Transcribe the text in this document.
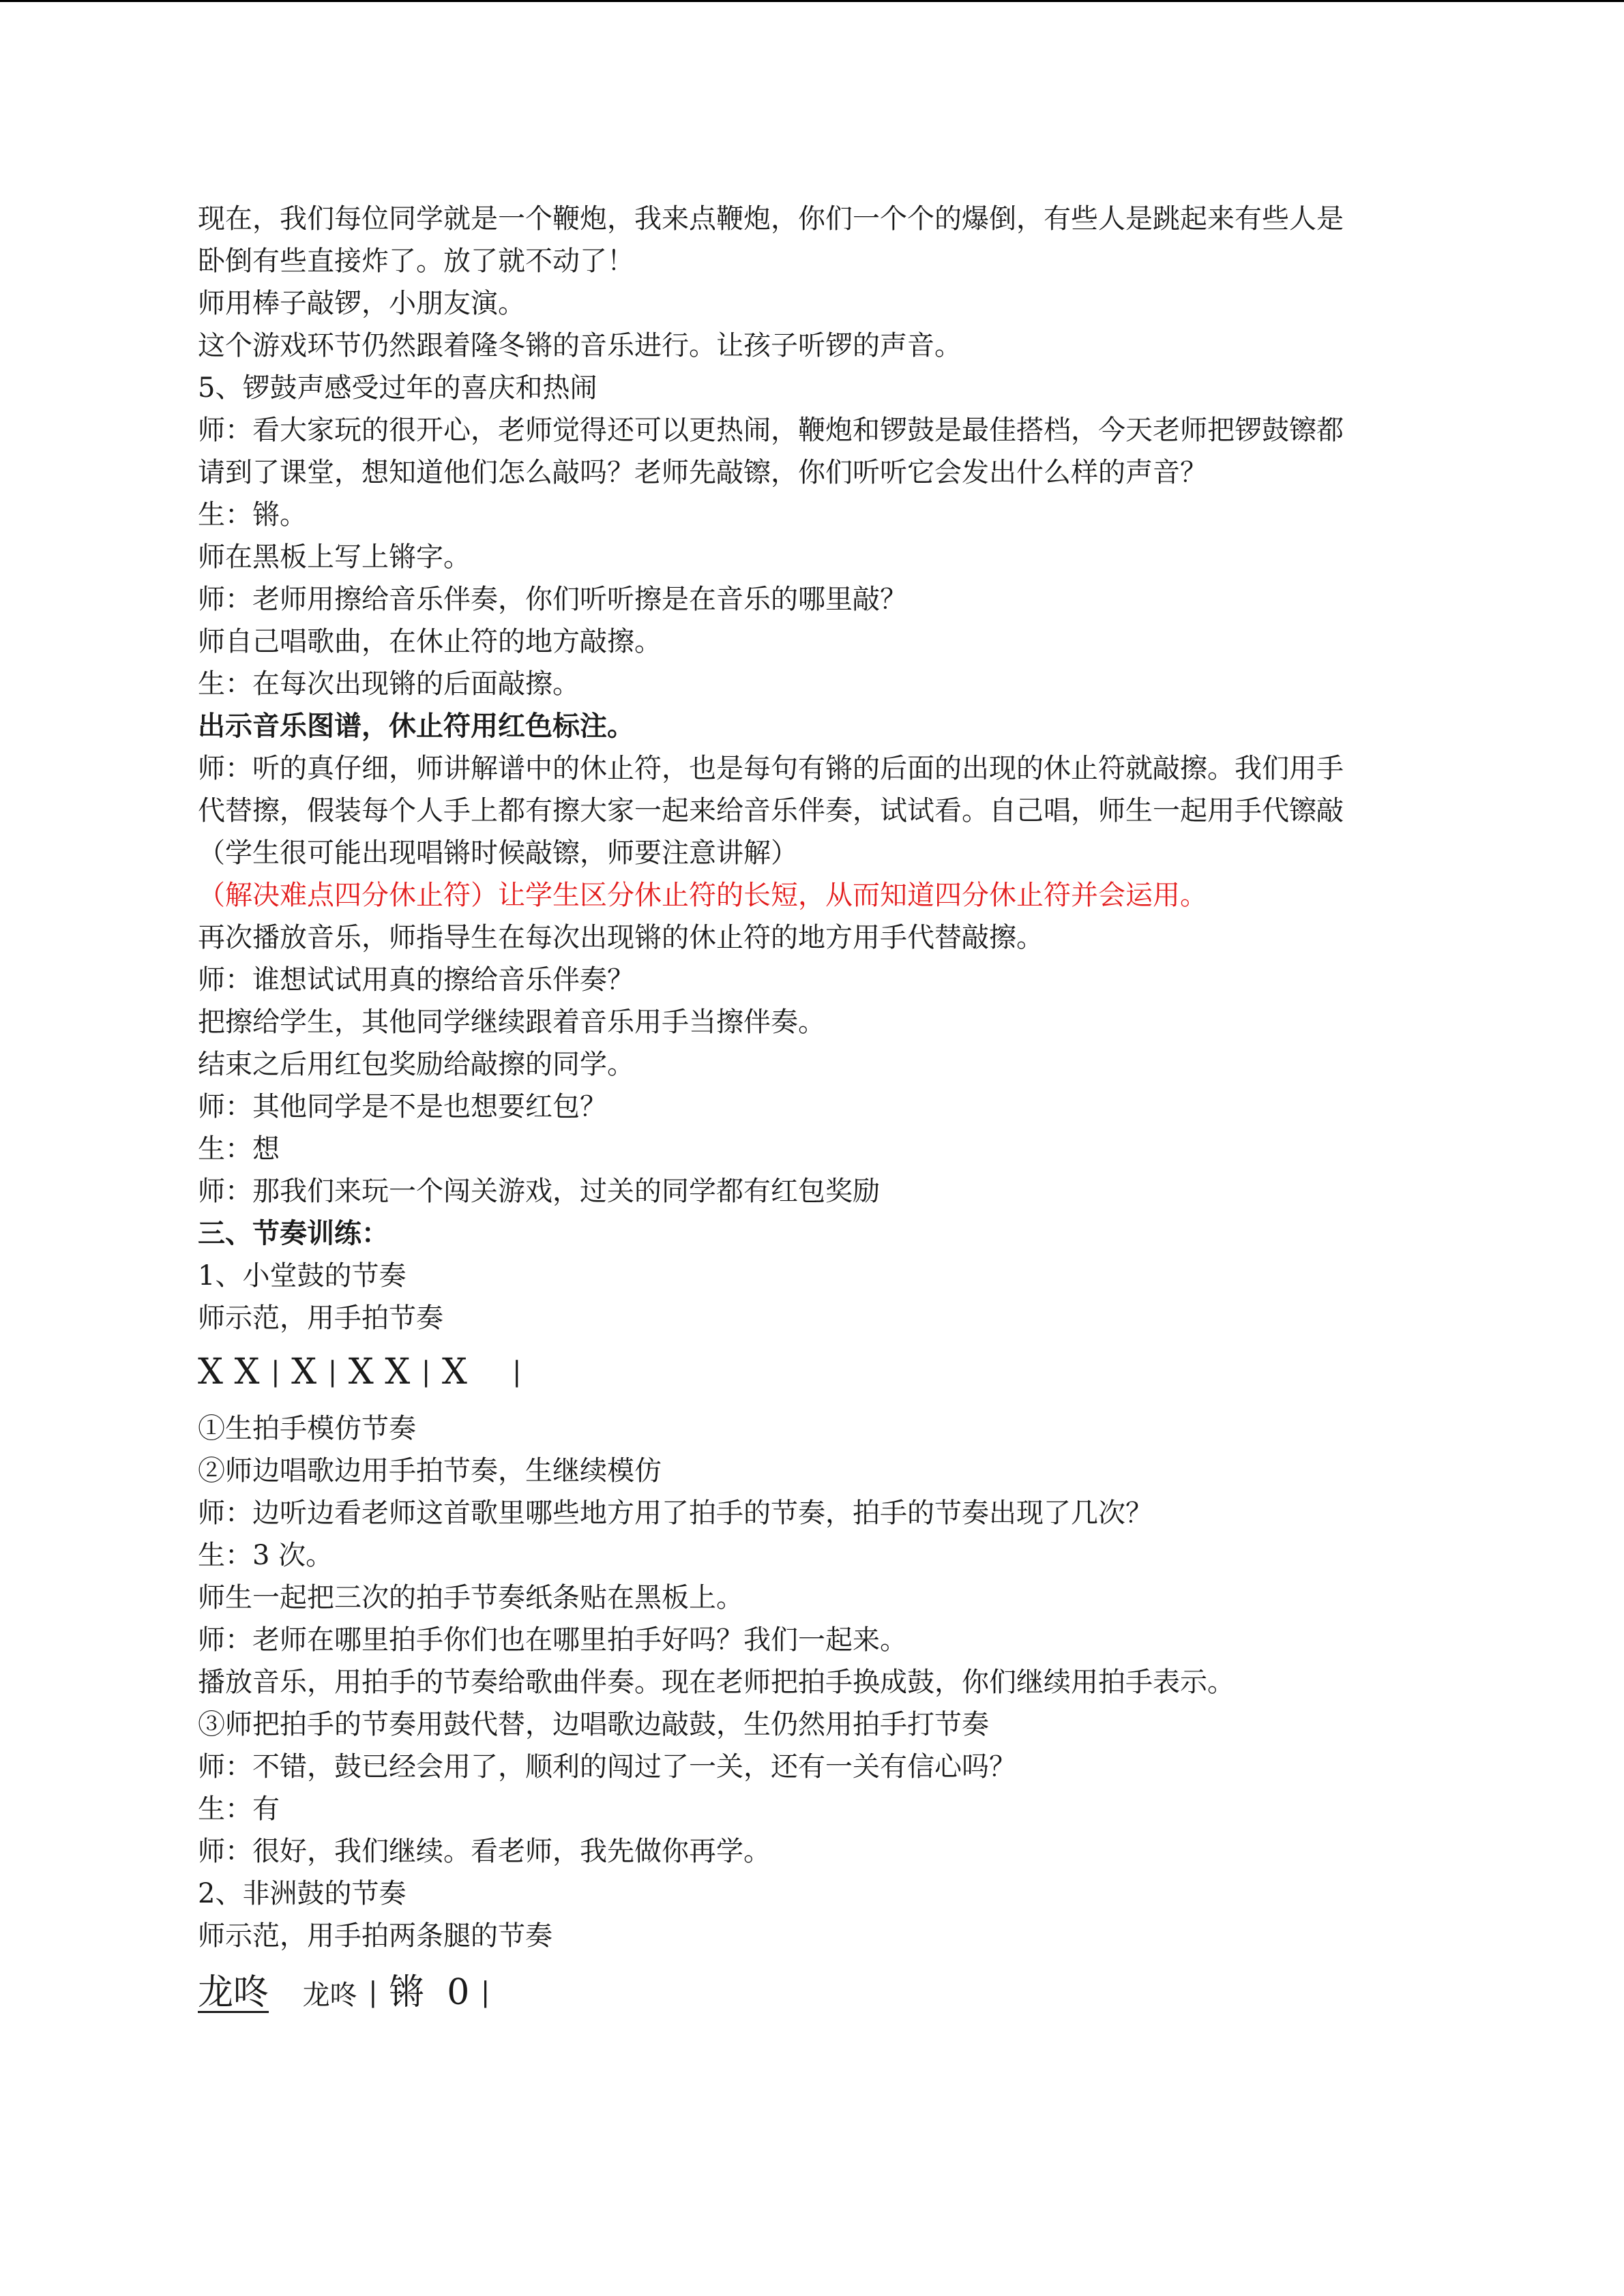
现在，我们每位同学就是一个鞭炮，我来点鞭炮，你们一个个的爆倒，有些人是跳起来有些人是

卧倒有些直接炸了。放了就不动了！

师用棒子敲锣，小朋友演。

这个游戏环节仍然跟着隆冬锵的音乐进行。让孩子听锣的声音。

5、锣鼓声感受过年的喜庆和热闹

师：看大家玩的很开心，老师觉得还可以更热闹，鞭炮和锣鼓是最佳搭档，今天老师把锣鼓镲都

请到了课堂，想知道他们怎么敲吗？老师先敲镲，你们听听它会发出什么样的声音？

生：锵。

师在黑板上写上锵字。

师：老师用擦给音乐伴奏，你们听听擦是在音乐的哪里敲？

师自己唱歌曲，在休止符的地方敲擦。

生：在每次出现锵的后面敲擦。

出示音乐图谱，休止符用红色标注。

师：听的真仔细，师讲解谱中的休止符，也是每句有锵的后面的出现的休止符就敲擦。我们用手

代替擦，假装每个人手上都有擦大家一起来给音乐伴奏，试试看。自己唱，师生一起用手代镲敲

（学生很可能出现唱锵时候敲镲，师要注意讲解）

（解决难点四分休止符）让学生区分休止符的长短，从而知道四分休止符并会运用。

再次播放音乐，师指导生在每次出现锵的休止符的地方用手代替敲擦。

师：谁想试试用真的擦给音乐伴奏？

把擦给学生，其他同学继续跟着音乐用手当擦伴奏。

结束之后用红包奖励给敲擦的同学。

师：其他同学是不是也想要红包？

生：想

师：那我们来玩一个闯关游戏，过关的同学都有红包奖励

三、节奏训练：

1、小堂鼓的节奏

师示范，用手拍节奏

X X | X | X X | X |

①生拍手模仿节奏

②师边唱歌边用手拍节奏，生继续模仿

师：边听边看老师这首歌里哪些地方用了拍手的节奏，拍手的节奏出现了几次？

生：3 次。

师生一起把三次的拍手节奏纸条贴在黑板上。

师：老师在哪里拍手你们也在哪里拍手好吗？我们一起来。

播放音乐，用拍手的节奏给歌曲伴奏。现在老师把拍手换成鼓，你们继续用拍手表示。

③师把拍手的节奏用鼓代替，边唱歌边敲鼓，生仍然用拍手打节奏

师：不错，鼓已经会用了，顺利的闯过了一关，还有一关有信心吗？

生：有

师：很好，我们继续。看老师，我先做你再学。

2、非洲鼓的节奏

师示范，用手拍两条腿的节奏

龙咚 龙咚 | 锵 0 |
